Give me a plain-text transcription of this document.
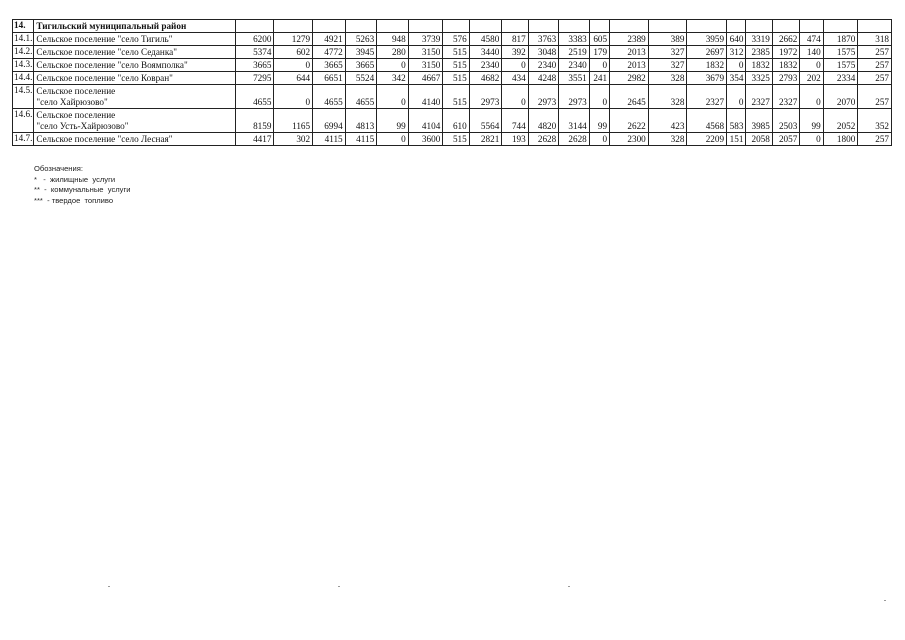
14.	Тигильский муниципальный район																					
14.1.	Сельское поселение "село Тигиль"	6200	1279	4921	5263	948	3739	576	4580	817	3763	3383	605	2389	389	3959	640	3319	2662	474	1870	318
14.2.	Сельское поселение "село Седанка"	5374	602	4772	3945	280	3150	515	3440	392	3048	2519	179	2013	327	2697	312	2385	1972	140	1575	257
14.3.	Сельское поселение "село Воямполка"	3665	0	3665	3665	0	3150	515	2340	0	2340	2340	0	2013	327	1832	0	1832	1832	0	1575	257
14.4.	Сельское поселение "село Ковран"	7295	644	6651	5524	342	4667	515	4682	434	4248	3551	241	2982	328	3679	354	3325	2793	202	2334	257
14.5.	Сельское поселение
"село Хайрюзово"	4655	0	4655	4655	0	4140	515	2973	0	2973	2973	0	2645	328	2327	0	2327	2327	0	2070	257
14.6.	Сельское поселение
"село Усть-Хайрюзово"	8159	1165	6994	4813	99	4104	610	5564	744	4820	3144	99	2622	423	4568	583	3985	2503	99	2052	352
14.7.	Сельское поселение "село Лесная"	4417	302	4115	4115	0	3600	515	2821	193	2628	2628	0	2300	328	2209	151	2058	2057	0	1800	257
Обозначения:
*   -  жилищные  услуги
**  -  коммунальные  услуги
***  - твердое  топливо
